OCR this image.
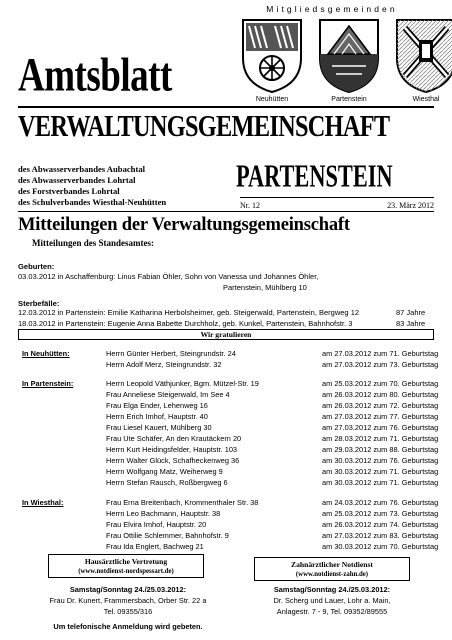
Mitgliedsgemeinden
Amtsblatt	Neuhütten	Partenstein	Wiesthal
VERWALTUNGSGEMEINSCHAFT
des Abwasserverbandes Aubachtal
des Abwasserverbandes Lohrtal
des Forstverbandes Lohrtal
des Schulverbandes Wiesthal-Neuhütten
PARTENSTEIN
Nr. 12	23. März 2012
Mitteilungen der Verwaltungsgemeinschaft
Mitteilungen des Standesamtes:
Geburten:
03.03.2012 in Aschaffenburg: Linus Fabian Öhler, Sohn von Vanessa und Johannes Öhler,
Partenstein, Mühlberg 10
Sterbefälle:
12.03.2012 in Partenstein: Emilie Katharina Herbolsheimer, geb. Steigerwald, Partenstein, Bergweg 12	87 Jahre
18.03.2012 in Partenstein: Eugenie Anna Babette Durchholz, geb. Kunkel, Partenstein, Bahnhofstr. 3	83 Jahre
Wir gratulieren
In Neuhütten:	Herrn Günter Herbert, Steingrundstr. 24	am 27.03.2012 zum 71. Geburtstag
Herrn Adolf Merz, Steingrundstr. 32	am 27.03.2012 zum 73. Geburtstag
In Partenstein:	Herrn Leopold Väthjunker, Bgm. Mützel-Str. 19	am 25.03.2012 zum 70. Geburtstag
Frau Anneliese Steigerwald, Im See 4	am 26.03.2012 zum 80. Geburtstag
Frau Elga Ender, Lehenweg 16	am 26.03.2012 zum 72. Geburtstag
Herrn Erich Imhof, Hauptstr. 40	am 27.03.2012 zum 77. Geburtstag
Frau Liesel Kauert, Mühlberg 30	am 27.03.2012 zum 76. Geburtstag
Frau Ute Schäfer, An den Krautäckern 20	am 28.03.2012 zum 71. Geburtstag
Herrn Kurt Heidingsfelder, Hauptstr. 103	am 29.03.2012 zum 88. Geburtstag
Herrn Walter Glück, Schafheckenweg 36	am 30.03.2012 zum 76. Geburtstag
Herrn Wolfgang Matz, Weiherweg 9	am 30.03.2012 zum 71. Geburtstag
Herrn Stefan Rausch, Roßbergweg 6	am 30.03.2012 zum 71. Geburtstag
In Wiesthal:	Frau Erna Breitenbach, Krommenthaler Str. 38	am 24.03.2012 zum 76. Geburtstag
Herrn Leo Bachmann, Hauptstr. 38	am 25.03.2012 zum 73. Geburtstag
Frau Elvira Imhof, Hauptstr. 20	am 26.03.2012 zum 74. Geburtstag
Frau Ottilie Schlemmer, Bahnhofstr. 9	am 27.03.2012 zum 83. Geburtstag
Frau Ida Englert, Bachweg 21	am 30.03.2012 zum 70. Geburtstag
Hausärztliche Vertretung
(www.notdienst-nordspessart.de)
Samstag/Sonntag 24./25.03.2012:
Frau Dr. Kunert, Frammersbach, Orber Str. 22 a
Tel. 09355/316
Um telefonische Anmeldung wird gebeten.
Zahnärztlicher Notdienst
(www.notdienst-zahn.de)
Samstag/Sonntag 24./25.03.2012:
Dr. Scherg und Lauer, Lohr a. Main,
Anlagestr. 7 - 9, Tel. 09352/89555
